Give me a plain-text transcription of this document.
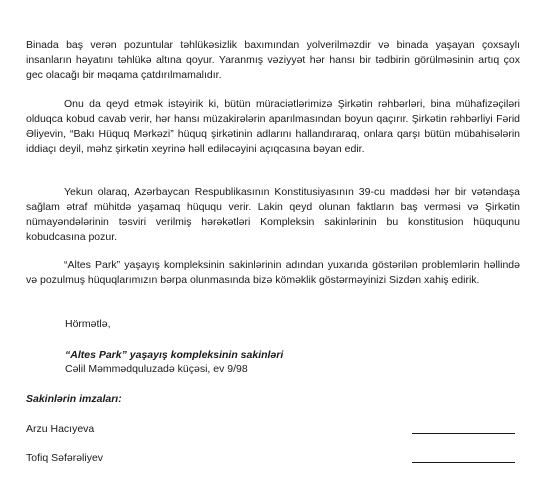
Binada baş verən pozuntular təhlükəsizlik baxımından yolverilməzdir və binada yaşayan çoxsaylı insanların həyatını təhlükə altına qoyur. Yaranmış vəziyyət hər hansı bir tədbirin görülməsinin artıq çox gec olacağı bir məqama çatdırılmamalıdır.

Onu da qeyd etmək istəyirik ki, bütün müraciətlərimizə Şirkətin rəhbərləri, bina mühafizəçiləri olduqca kobud cavab verir, hər hansı müzakirələrin aparılmasından boyun qaçırır. Şirkətin rəhbərliyi Fərid Əliyevin, “Bakı Hüquq Mərkəzi” hüquq şirkətinin adlarını hallandıraraq, onlara qarşı bütün mübahisələrin iddiaçı deyil, məhz şirkətin xeyrinə həll ediləcəyini açıqcasına bəyan edir.

Yekun olaraq, Azərbaycan Respublikasının Konstitusiyasının 39-cu maddəsi hər bir vətəndaşa sağlam ətraf mühitdə yaşamaq hüququ verir. Lakin qeyd olunan faktların baş verməsi və Şirkətin nümayəndələrinin təsviri verilmiş hərəkətləri Kompleksin sakinlərinin bu konstitusion hüququnu kobudcasına pozur.

“Altes Park” yaşayış kompleksinin sakinlərinin adından yuxarıda göstərilən problemlərin həllində və pozulmuş hüquqlarımızın bərpa olunmasında bizə köməklik göstərməyinizi Sizdən xahiş edirik.

Hörmətlə,

“Altes Park” yaşayış kompleksinin sakinləri

Cəlil Məmmədquluzadə küçəsi, ev 9/98

Sakinlərin imzaları:

Arzu Hacıyeva

Tofiq Səfərəliyev
